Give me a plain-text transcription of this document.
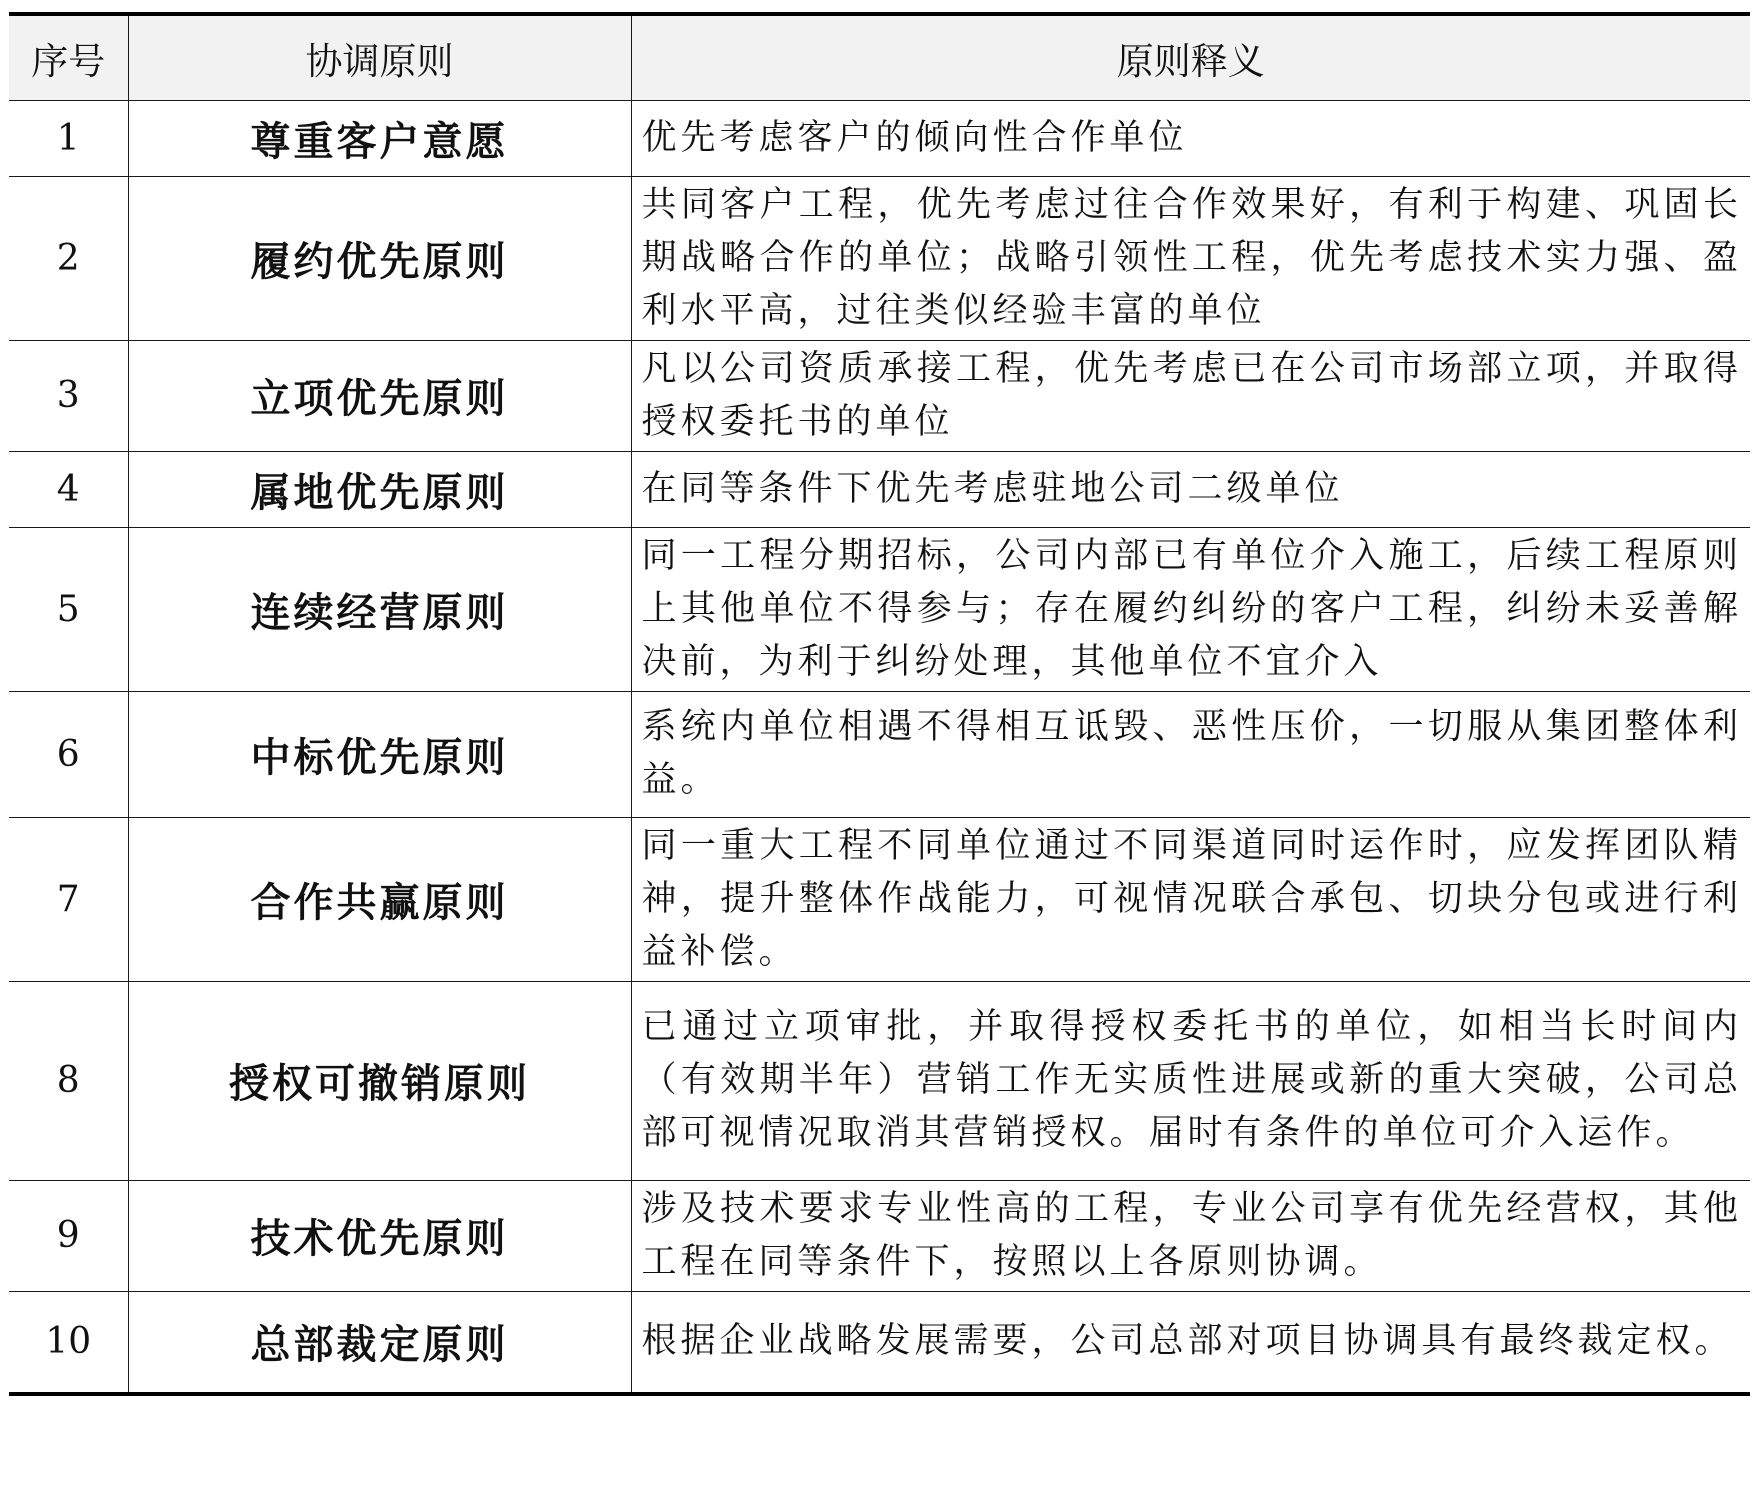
序号	协调原则	原则释义
1	尊重客户意愿	优先考虑客户的倾向性合作单位
2	履约优先原则	共同客户工程，优先考虑过往合作效果好，有利于构建、巩固长期战略合作的单位；战略引领性工程，优先考虑技术实力强、盈利水平高，过往类似经验丰富的单位
3	立项优先原则	凡以公司资质承接工程，优先考虑已在公司市场部立项，并取得授权委托书的单位
4	属地优先原则	在同等条件下优先考虑驻地公司二级单位
5	连续经营原则	同一工程分期招标，公司内部已有单位介入施工，后续工程原则上其他单位不得参与；存在履约纠纷的客户工程，纠纷未妥善解决前，为利于纠纷处理，其他单位不宜介入
6	中标优先原则	系统内单位相遇不得相互诋毁、恶性压价，一切服从集团整体利益。
7	合作共赢原则	同一重大工程不同单位通过不同渠道同时运作时，应发挥团队精神，提升整体作战能力，可视情况联合承包、切块分包或进行利益补偿。
8	授权可撤销原则	已通过立项审批，并取得授权委托书的单位，如相当长时间内（有效期半年）营销工作无实质性进展或新的重大突破，公司总部可视情况取消其营销授权。届时有条件的单位可介入运作。
9	技术优先原则	涉及技术要求专业性高的工程，专业公司享有优先经营权，其他工程在同等条件下，按照以上各原则协调。
10	总部裁定原则	根据企业战略发展需要，公司总部对项目协调具有最终裁定权。
